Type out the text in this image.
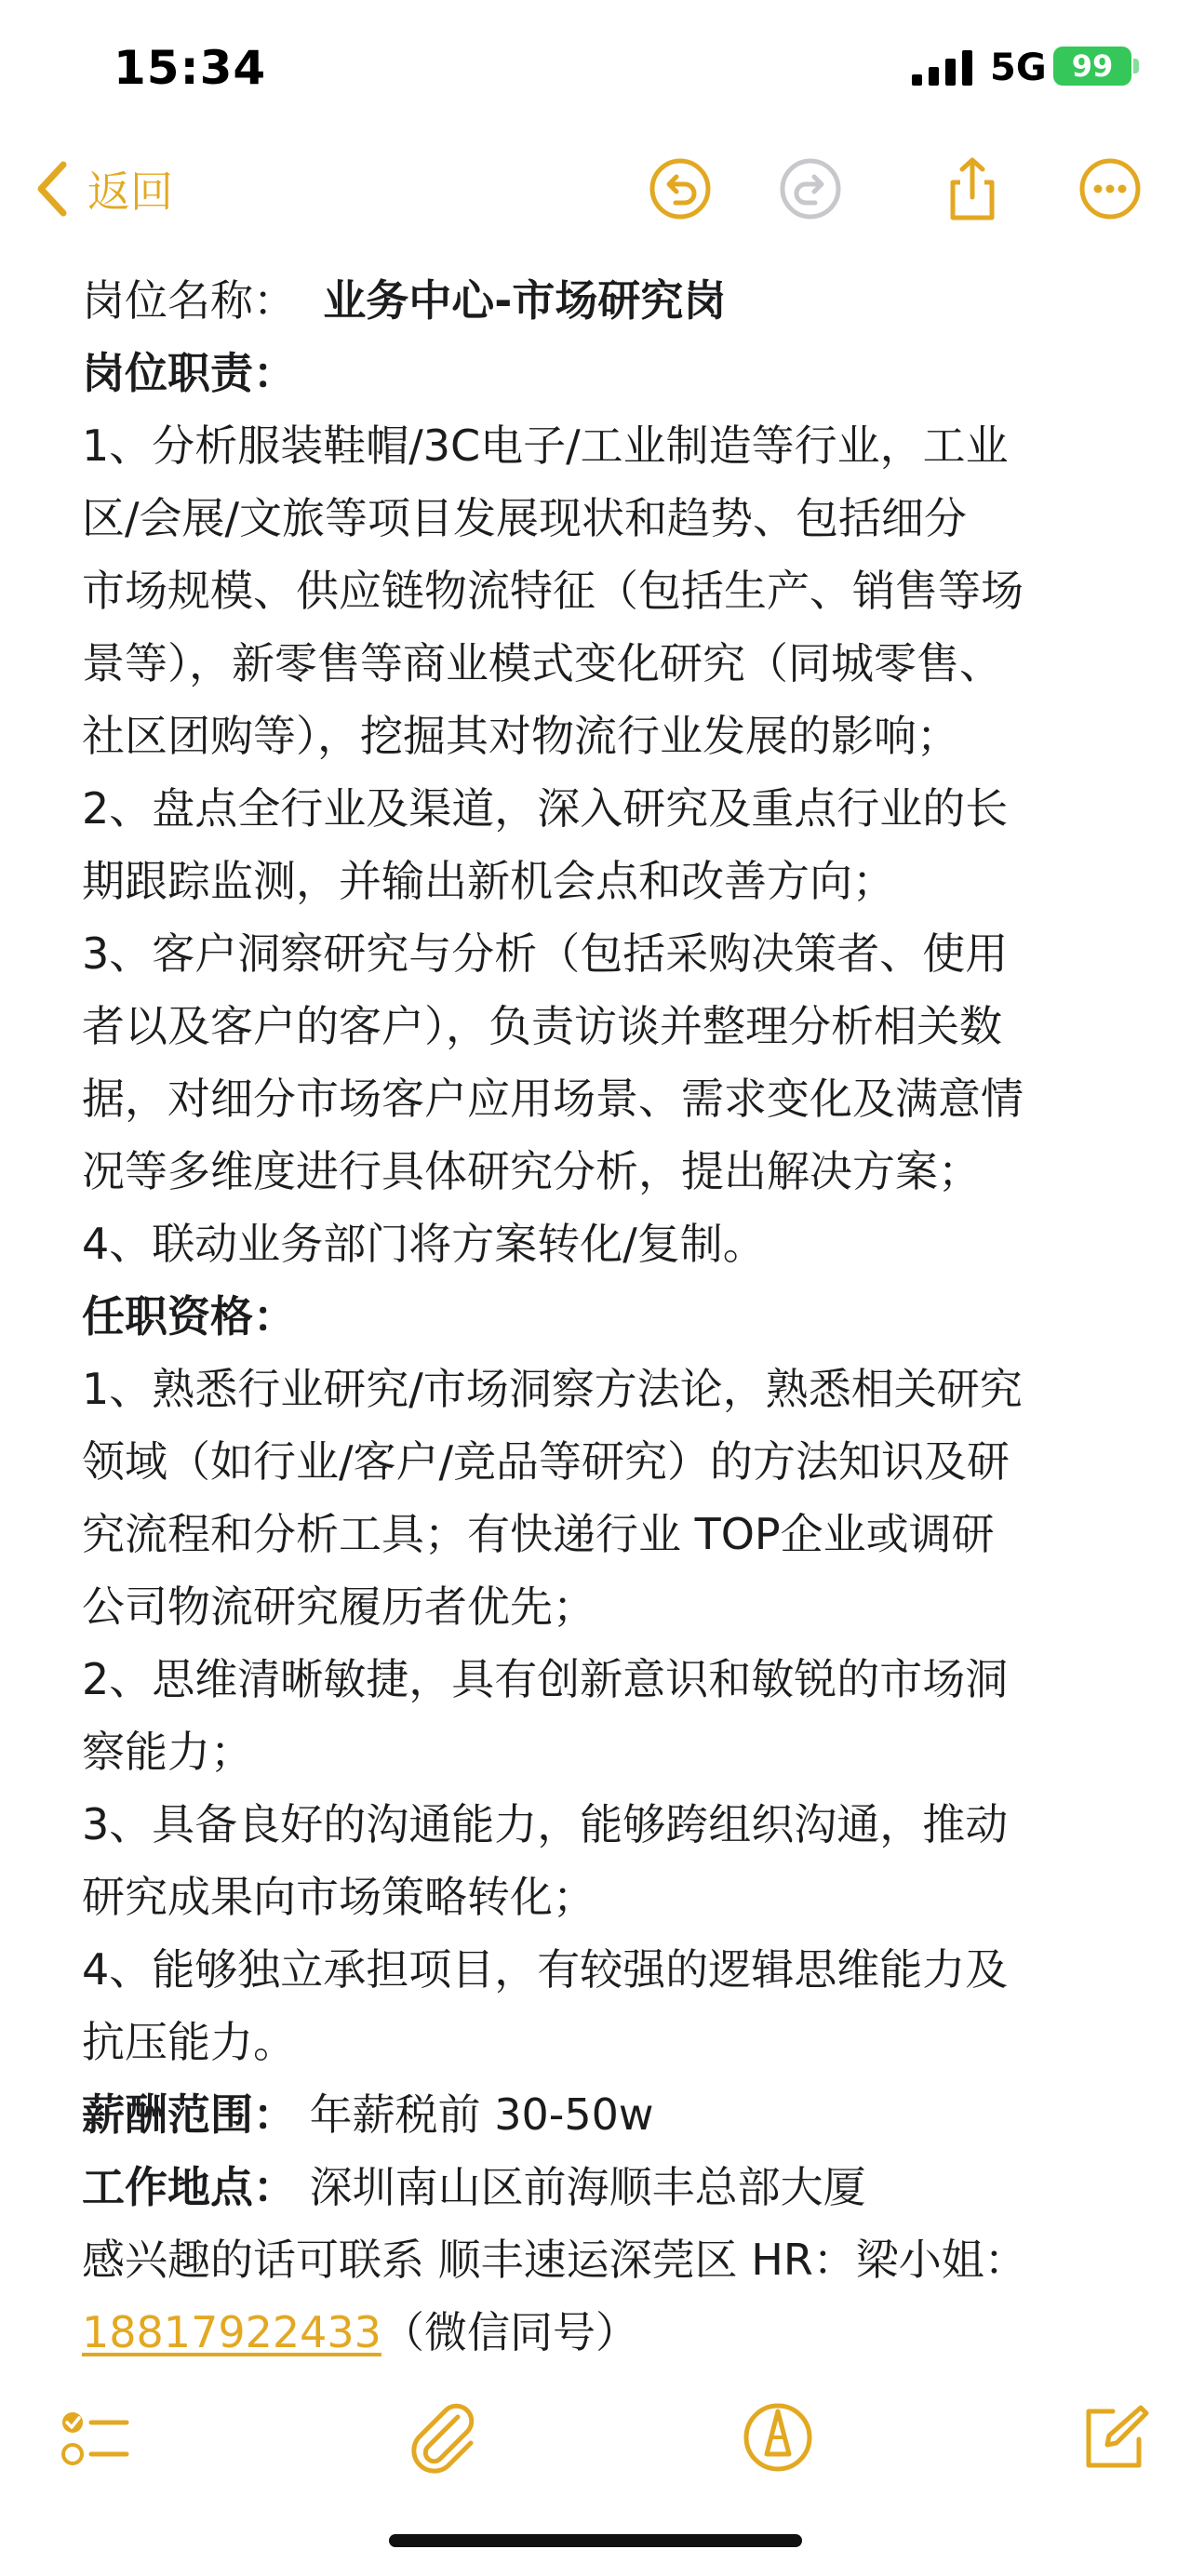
15:34	5G 99
返回
岗位名称： 业务中心-市场研究岗
岗位职责：
1、分析服装鞋帽/3C电子/工业制造等行业，工业
区/会展/文旅等项目发展现状和趋势、包括细分
市场规模、供应链物流特征（包括生产、销售等场
景等），新零售等商业模式变化研究（同城零售、
社区团购等），挖掘其对物流行业发展的影响；
2、盘点全行业及渠道，深入研究及重点行业的长
期跟踪监测，并输出新机会点和改善方向；
3、客户洞察研究与分析（包括采购决策者、使用
者以及客户的客户），负责访谈并整理分析相关数
据，对细分市场客户应用场景、需求变化及满意情
况等多维度进行具体研究分析，提出解决方案；
4、联动业务部门将方案转化/复制。
任职资格：
1、熟悉行业研究/市场洞察方法论，熟悉相关研究
领域（如行业/客户/竞品等研究）的方法知识及研
究流程和分析工具；有快递行业 TOP企业或调研
公司物流研究履历者优先；
2、思维清晰敏捷，具有创新意识和敏锐的市场洞
察能力；
3、具备良好的沟通能力，能够跨组织沟通，推动
研究成果向市场策略转化；
4、能够独立承担项目，有较强的逻辑思维能力及
抗压能力。
薪酬范围： 年薪税前 30-50w
工作地点： 深圳南山区前海顺丰总部大厦
感兴趣的话可联系 顺丰速运深莞区 HR：梁小姐：
18817922433（微信同号）
